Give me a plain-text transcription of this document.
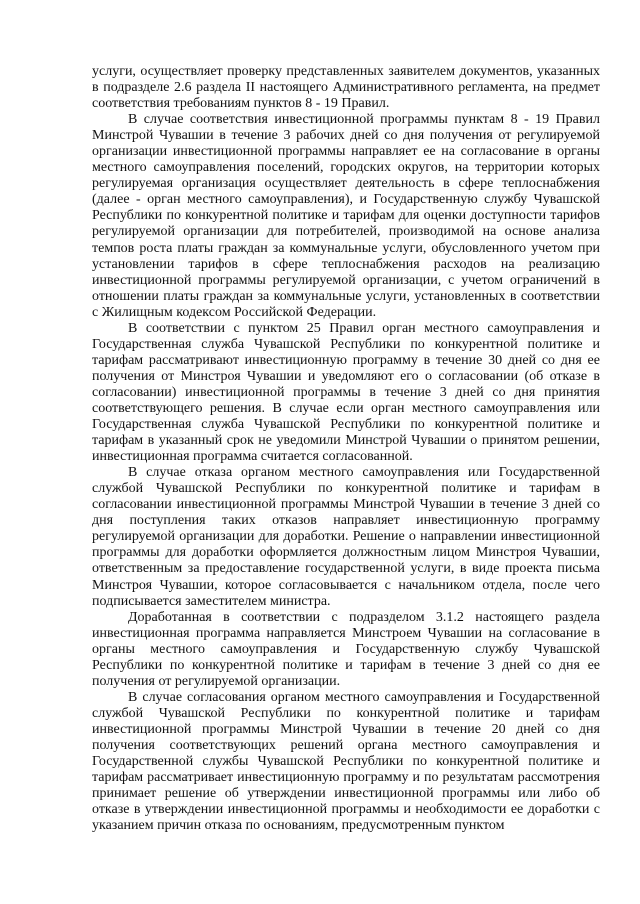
услуги, осуществляет проверку представленных заявителем документов, указанных в подразделе 2.6 раздела II настоящего Административного регламента, на предмет соответствия требованиям пунктов 8 - 19 Правил.

В случае соответствия инвестиционной программы пунктам 8 - 19 Правил Минстрой Чувашии в течение 3 рабочих дней со дня получения от регулируемой организации инвестиционной программы направляет ее на согласование в органы местного самоуправления поселений, городских округов, на территории которых регулируемая организация осуществляет деятельность в сфере теплоснабжения (далее - орган местного самоуправления), и Государственную службу Чувашской Республики по конкурентной политике и тарифам для оценки доступности тарифов регулируемой организации для потребителей, производимой на основе анализа темпов роста платы граждан за коммунальные услуги, обусловленного учетом при установлении тарифов в сфере теплоснабжения расходов на реализацию инвестиционной программы регулируемой организации, с учетом ограничений в отношении платы граждан за коммунальные услуги, установленных в соответствии с Жилищным кодексом Российской Федерации.

В соответствии с пунктом 25 Правил орган местного самоуправления и Государственная служба Чувашской Республики по конкурентной политике и тарифам рассматривают инвестиционную программу в течение 30 дней со дня ее получения от Минстроя Чувашии и уведомляют его о согласовании (об отказе в согласовании) инвестиционной программы в течение 3 дней со дня принятия соответствующего решения. В случае если орган местного самоуправления или Государственная служба Чувашской Республики по конкурентной политике и тарифам в указанный срок не уведомили Минстрой Чувашии о принятом решении, инвестиционная программа считается согласованной.

В случае отказа органом местного самоуправления или Государственной службой Чувашской Республики по конкурентной политике и тарифам в согласовании инвестиционной программы Минстрой Чувашии в течение 3 дней со дня поступления таких отказов направляет инвестиционную программу регулируемой организации для доработки. Решение о направлении инвестиционной программы для доработки оформляется должностным лицом Минстроя Чувашии, ответственным за предоставление государственной услуги, в виде проекта письма Минстроя Чувашии, которое согласовывается с начальником отдела, после чего подписывается заместителем министра.

Доработанная в соответствии с подразделом 3.1.2 настоящего раздела инвестиционная программа направляется Минстроем Чувашии на согласование в органы местного самоуправления и Государственную службу Чувашской Республики по конкурентной политике и тарифам в течение 3 дней со дня ее получения от регулируемой организации.

В случае согласования органом местного самоуправления и Государственной службой Чувашской Республики по конкурентной политике и тарифам инвестиционной программы Минстрой Чувашии в течение 20 дней со дня получения соответствующих решений органа местного самоуправления и Государственной службы Чувашской Республики по конкурентной политике и тарифам рассматривает инвестиционную программу и по результатам рассмотрения принимает решение об утверждении инвестиционной программы или либо об отказе в утверждении инвестиционной программы и необходимости ее доработки с указанием причин отказа по основаниям, предусмотренным пунктом
